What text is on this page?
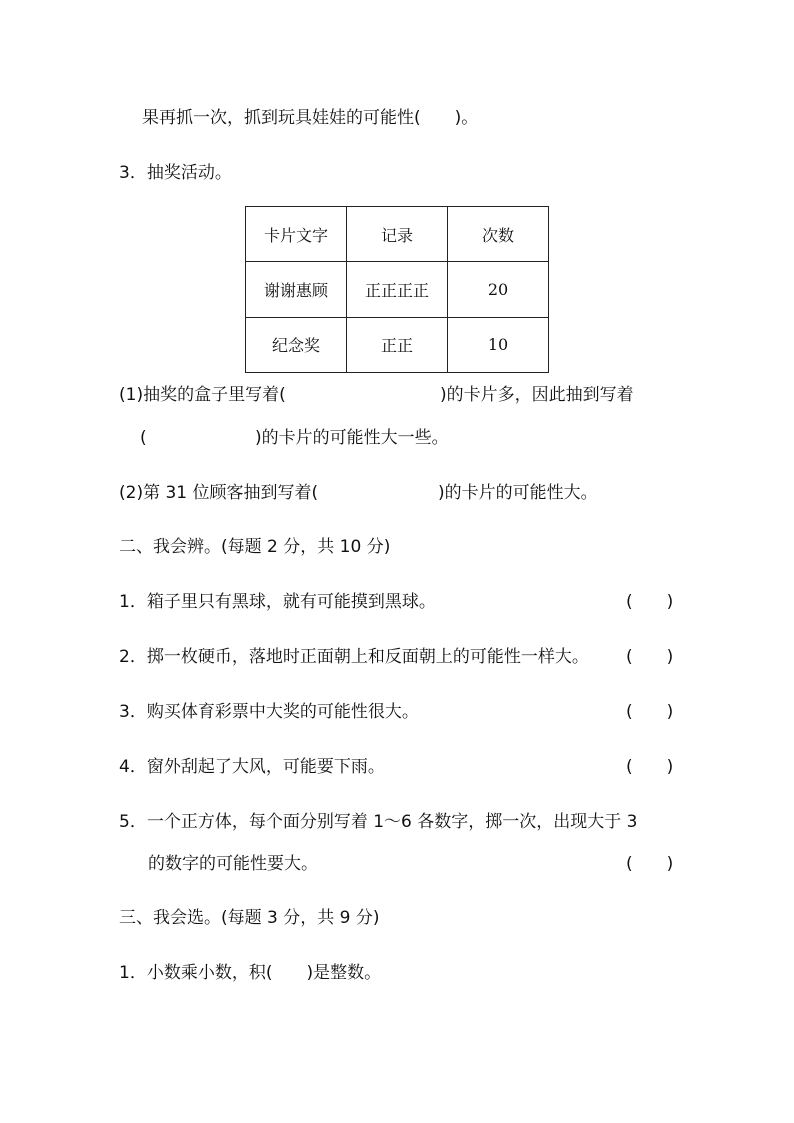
果再抓一次，抓到玩具娃娃的可能性(　　)。
3．抽奖活动。
卡片文字	记录	次数
谢谢惠顾	正正正正	20
纪念奖	正正	10
(1)抽奖的盒子里写着(	)的卡片多，因此抽到写着
(	)的卡片的可能性大一些。
(2)第 31 位顾客抽到写着(	)的卡片的可能性大。
二、我会辨。(每题 2 分，共 10 分)
1．箱子里只有黑球，就有可能摸到黑球。	(　　)
2．掷一枚硬币，落地时正面朝上和反面朝上的可能性一样大。 (　　)
3．购买体育彩票中大奖的可能性很大。	(　　)
4．窗外刮起了大风，可能要下雨。	(　　)
5．一个正方体，每个面分别写着 1～6 各数字，掷一次，出现大于 3
的数字的可能性要大。	(　　)
三、我会选。(每题 3 分，共 9 分)
1．小数乘小数，积(　　)是整数。
